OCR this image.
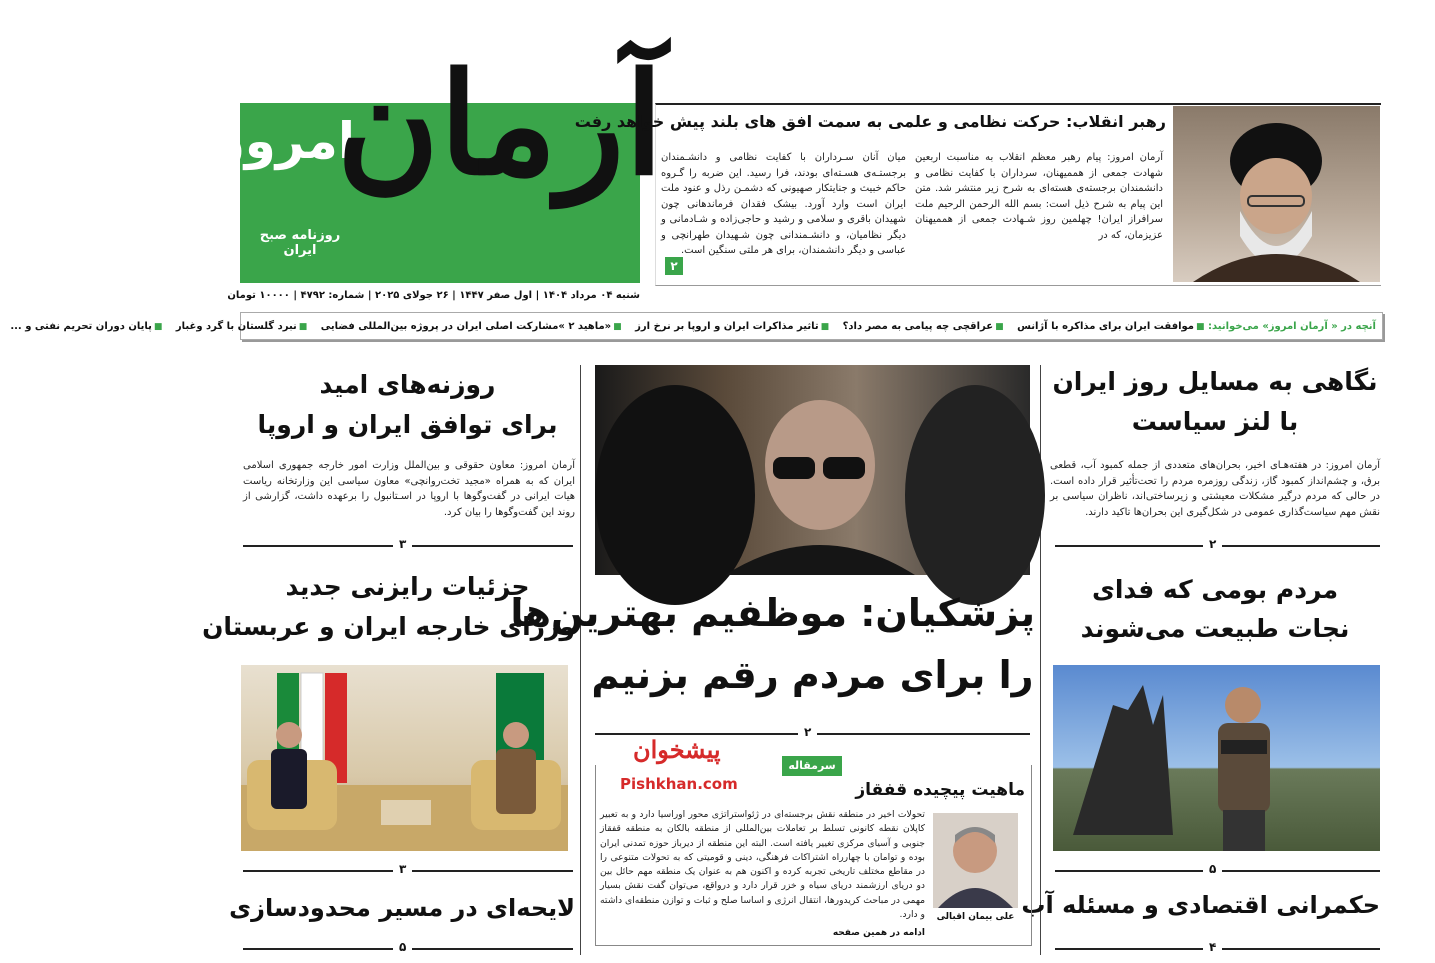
امروز
روزنامه صبح ایران
آرمان
شنبه ۰۴ مرداد ۱۴۰۴ | اول صفر ۱۴۴۷ | ۲۶ جولای ۲۰۲۵ | شماره: ۴۷۹۲ | ۱۰۰۰۰ تومان
رهبر انقلاب: حرکت نظامی و علمی به سمت افق های بلند پیش خواهد رفت
آرمان امروز: پیام رهبر معظم انقلاب به مناسبت اربعین شهادت جمعی از هممیهنان، سرداران با کفایت نظامی و دانشمندان برجسته‌ی هسته‌ای به شرح زیر منتشر شد. متن این پیام به شرح ذیل است: بسم الله الرحمن الرحیم ملت سرافراز ایران! چهلمین روز شـهادت جمعی از هممیهنان عزیزمان، که در
میان آنان سـرداران با کفایت نظامی و دانشـمندان برجستـه‌ی هسـته‌ای بودند، فرا رسید. این ضربه را گـروه حاکم خبیث و جنایتکار صهیونی که دشمـن رذل و عنود ملت ایران است وارد آورد. بیشک فقدان فرماندهانی چون شهیدان باقری و سلامی و رشید و حاجی‌زاده و شـادمانی و دیگر نظامیان، و دانشـمندانی چون شـهیدان طهرانچی و عباسی و دیگر دانشمندان، برای هر ملتی سنگین است.
۲
آنچه در « آرمان امروز» می‌خوانید: ■ موافقت ایران برای مذاکره با آژانس ■ عراقچی چه پیامی به مصر داد؟ ■ تاثیر مذاکرات ایران و اروپا بر نرخ ارز ■ «ماهید ۲ »مشارکت اصلی ایران در پروژه بین‌المللی فضایی ■ نبرد گلستان با گرد وغبار ■ پایان دوران تحریم نفتی و ...
نگاهی به مسایل روز ایران
با لنز سیاست
آرمان امروز: در هفته‌هـای اخیر، بحران‌های متعددی از جمله کمبود آب، قطعی برق، و چشم‌انداز کمبود گاز، زندگی روزمره مردم را تحت‌تأثیر قرار داده است. در حالی که مردم درگیر مشکلات معیشتی و زیرساختی‌اند، ناظران سیاسی بر نقش مهم سیاست‌گذاری عمومی در شکل‌گیری این بحران‌ها تاکید دارند.
۲
مردم بومی که فدای
نجات طبیعت می‌شوند
۵
حکمرانی اقتصادی و مسئله آب
۴
پزشکیان: موظفیم بهترین‌ها
را برای مردم رقم بزنیم
۲
پیشخوان
Pishkhan.com
سرمقاله
ماهیت پیچیده قفقاز
تحولات اخیر در منطقه نقش برجسته‌ای در ژئواستراتژی محور اوراسیا دارد و به تعبیر کاپلان نقطه کانونی تسلط بر تعاملات بین‌المللی از منطقه بالکان به منطقه قفقاز جنوبی و آسیای مرکزی تغییر یافته است. البته این منطقه از دیرباز حوزه تمدنی ایران بوده و توامان با چهارراه اشتراکات فرهنگی، دینی و قومیتی که به تحولات متنوعی را در مقاطع مختلف تاریخی تجربه کرده و اکنون هم به عنوان یک منطقه مهم حائل بین دو دریای ارزشمند دریای سیاه و خزر قرار دارد و درواقع، می‌توان گفت نقش بسیار مهمی در مباحث کریدورها، انتقال انرژی و اساسا صلح و ثبات و توازن منطقه‌ای داشته و دارد.
ادامه در همین صفحه
علی بیمان اقبالی
روزنه‌های امید
برای توافق ایران و اروپا
آرمان امروز: معاون حقوقی و بین‌الملل وزارت امور خارجه جمهوری اسلامی ایران که به همراه «مجید تخت‌روانچی» معاون سیاسی این وزارتخانه ریاست هیات ایرانی در گفت‌وگوها با اروپا در اسـتانبول را برعهده داشت، گزارشی از روند این گفت‌وگوها را بیان کرد.
۳
جزئیات رایزنی جدید
وزرای خارجه ایران و عربستان
۳
لایحه‌ای در مسیر محدودسازی
۵
